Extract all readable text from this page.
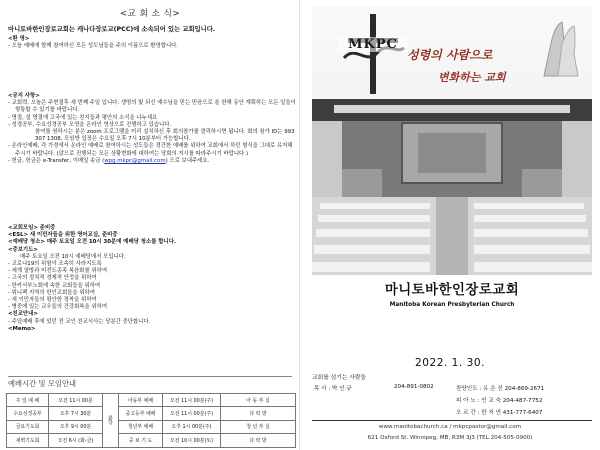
<교 회 소 식>
마니토바한인장로교회는 캐나다장로교(PCC)에 소속되어 있는 교회입니다.
<환 영>
- 오늘 예배에 함께 참여하신 모든 성도님들을 주의 이름으로 환영합니다.
<공지 사항>
- 교회력. 오늘은 주현절후 세 번째 주일 입니다. 생명의 빛 되신 예수님을 믿는 믿음으로 올 한해 동안 계획하는 모든 일들이 형통할 수 있기를 바랍니다.
- 명절, 설 명절에 고국에 있는 친지들과 평안의 소식을 나누세요
- 성경공부, 수요성경공부 오영을 온라인 영상으로 진행하고 있습니다.
참여를 원하시는 분은 zoom 프로그램을 미리 설치하신 후 회의참가를 클릭하시면 됩니다. 회의 참가 ID는 993 307 1308, 모임방 입장은 수요일 오후 7시 10분부터 가능합니다.
- 온라인예배, 각 가정에서 온라인 예배로 참여하시는 성도들은 경건한 예배를 위하여 교회에서 하던 형식을 그대로 유지해주시기 바랍니다. (앉으로 진행되는 모든 상황변화에 대하여는 당회의 지시를 따라주시기 바랍니다.)
- 헌금, 헌금은 e-Transfer, 이메일 송금 (wpg.mkpc@gmail.com) 으로 보내주세요.
<교회모임> 준비중
<ESL> 새 이민자들을 위한 영어교실, 준비중
<예배당 청소> 매주 토요일 오전 10시 30분에 예배당 청소를 합니다.
<중보기도>
매주 토요일 오전 10시 예배당에서 모입니다.
- 코로나19의 위험이 조속히 사라지도록
- 세계 열방과 미전도종족 복음화를 위하여
- 고국의 정치적 경제적 안정을 위하여
- 한카서부노회에 속한 교회들을 위하여
- 위니펙 지역의 한인교회들을 위하여
- 새 이민자들의 평안한 정착을 위하여
- 병중에 있는 교우들의 건강회복을 위하여
<친교안내>
- 주일예배 후에 있던 전 교인 친교식사는 당분간 중단합니다.
<Memo>
예배시간 및 모임안내
주 일 예 배	오전 11시 00분	본당	아동부 예배	오전 11시 00분(주)	아 동 부 실
수요성경공부	오후 7시 30분		중고등부 예배	오전 11시 00분(주)	다 락 방
금요기도회	오후 9시 00분		청년부 예배	오후 1시 00분(주)	청 년 부 실
새벽기도회	오전 6시 (화-금)		중 보 기 도	오전 10시 00분(토)	다 락 방
MKPC
성령의 사람으로
변화하는 교회
마니토바한인장로교회
Manitoba Korean Presbyterian Church
2022. 1. 30.
교회를 섬기는 사람들
목 사 : 박 인 규	204-891-0802	찬양인도 : 유 은 선 204-869-2671
피 아 노 : 인 교 숙 204-487-7752
오 르 간 : 한 지 연 431-777-6407
www.manitobachurch.ca / mkpcpastor@gmail.com
621 Oxford St. Winnipeg, MB, R3M 3J3 (TEL.204-505-0900)
